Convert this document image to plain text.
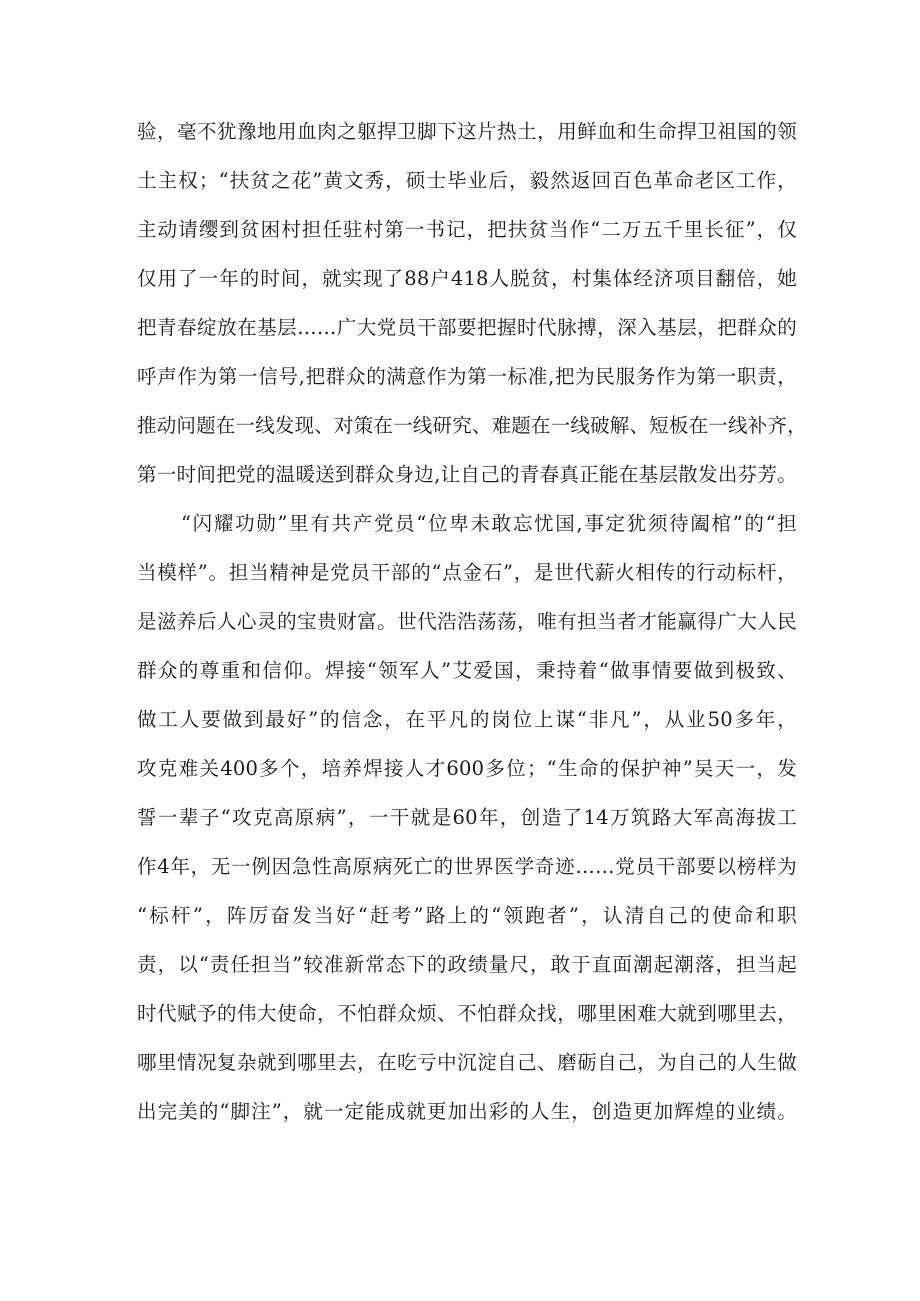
验，毫不犹豫地用血肉之躯捍卫脚下这片热土，用鲜血和生命捍卫祖国的领
土主权；“扶贫之花”黄文秀，硕士毕业后，毅然返回百色革命老区工作，
主动请缨到贫困村担任驻村第一书记，把扶贫当作“二万五千里长征”，仅
仅用了一年的时间，就实现了88户418人脱贫，村集体经济项目翻倍，她
把青春绽放在基层……广大党员干部要把握时代脉搏，深入基层，把群众的
呼声作为第一信号,把群众的满意作为第一标准,把为民服务作为第一职责，
推动问题在一线发现、对策在一线研究、难题在一线破解、短板在一线补齐，
第一时间把党的温暖送到群众身边,让自己的青春真正能在基层散发出芬芳。
“闪耀功勋”里有共产党员“位卑未敢忘忧国,事定犹须待阖棺”的“担
当模样”。担当精神是党员干部的“点金石”，是世代薪火相传的行动标杆，
是滋养后人心灵的宝贵财富。世代浩浩荡荡，唯有担当者才能赢得广大人民
群众的尊重和信仰。焊接“领军人”艾爱国，秉持着“做事情要做到极致、
做工人要做到最好”的信念，在平凡的岗位上谋“非凡”，从业50多年，
攻克难关400多个，培养焊接人才600多位；“生命的保护神”吴天一，发
誓一辈子“攻克高原病”，一干就是60年，创造了14万筑路大军高海拔工
作4年，无一例因急性高原病死亡的世界医学奇迹……党员干部要以榜样为
“标杆”，阵厉奋发当好“赶考”路上的“领跑者”，认清自己的使命和职
责，以“责任担当”较准新常态下的政绩量尺，敢于直面潮起潮落，担当起
时代赋予的伟大使命，不怕群众烦、不怕群众找，哪里困难大就到哪里去，
哪里情况复杂就到哪里去，在吃亏中沉淀自己、磨砺自己，为自己的人生做
出完美的“脚注”，就一定能成就更加出彩的人生，创造更加辉煌的业绩。
